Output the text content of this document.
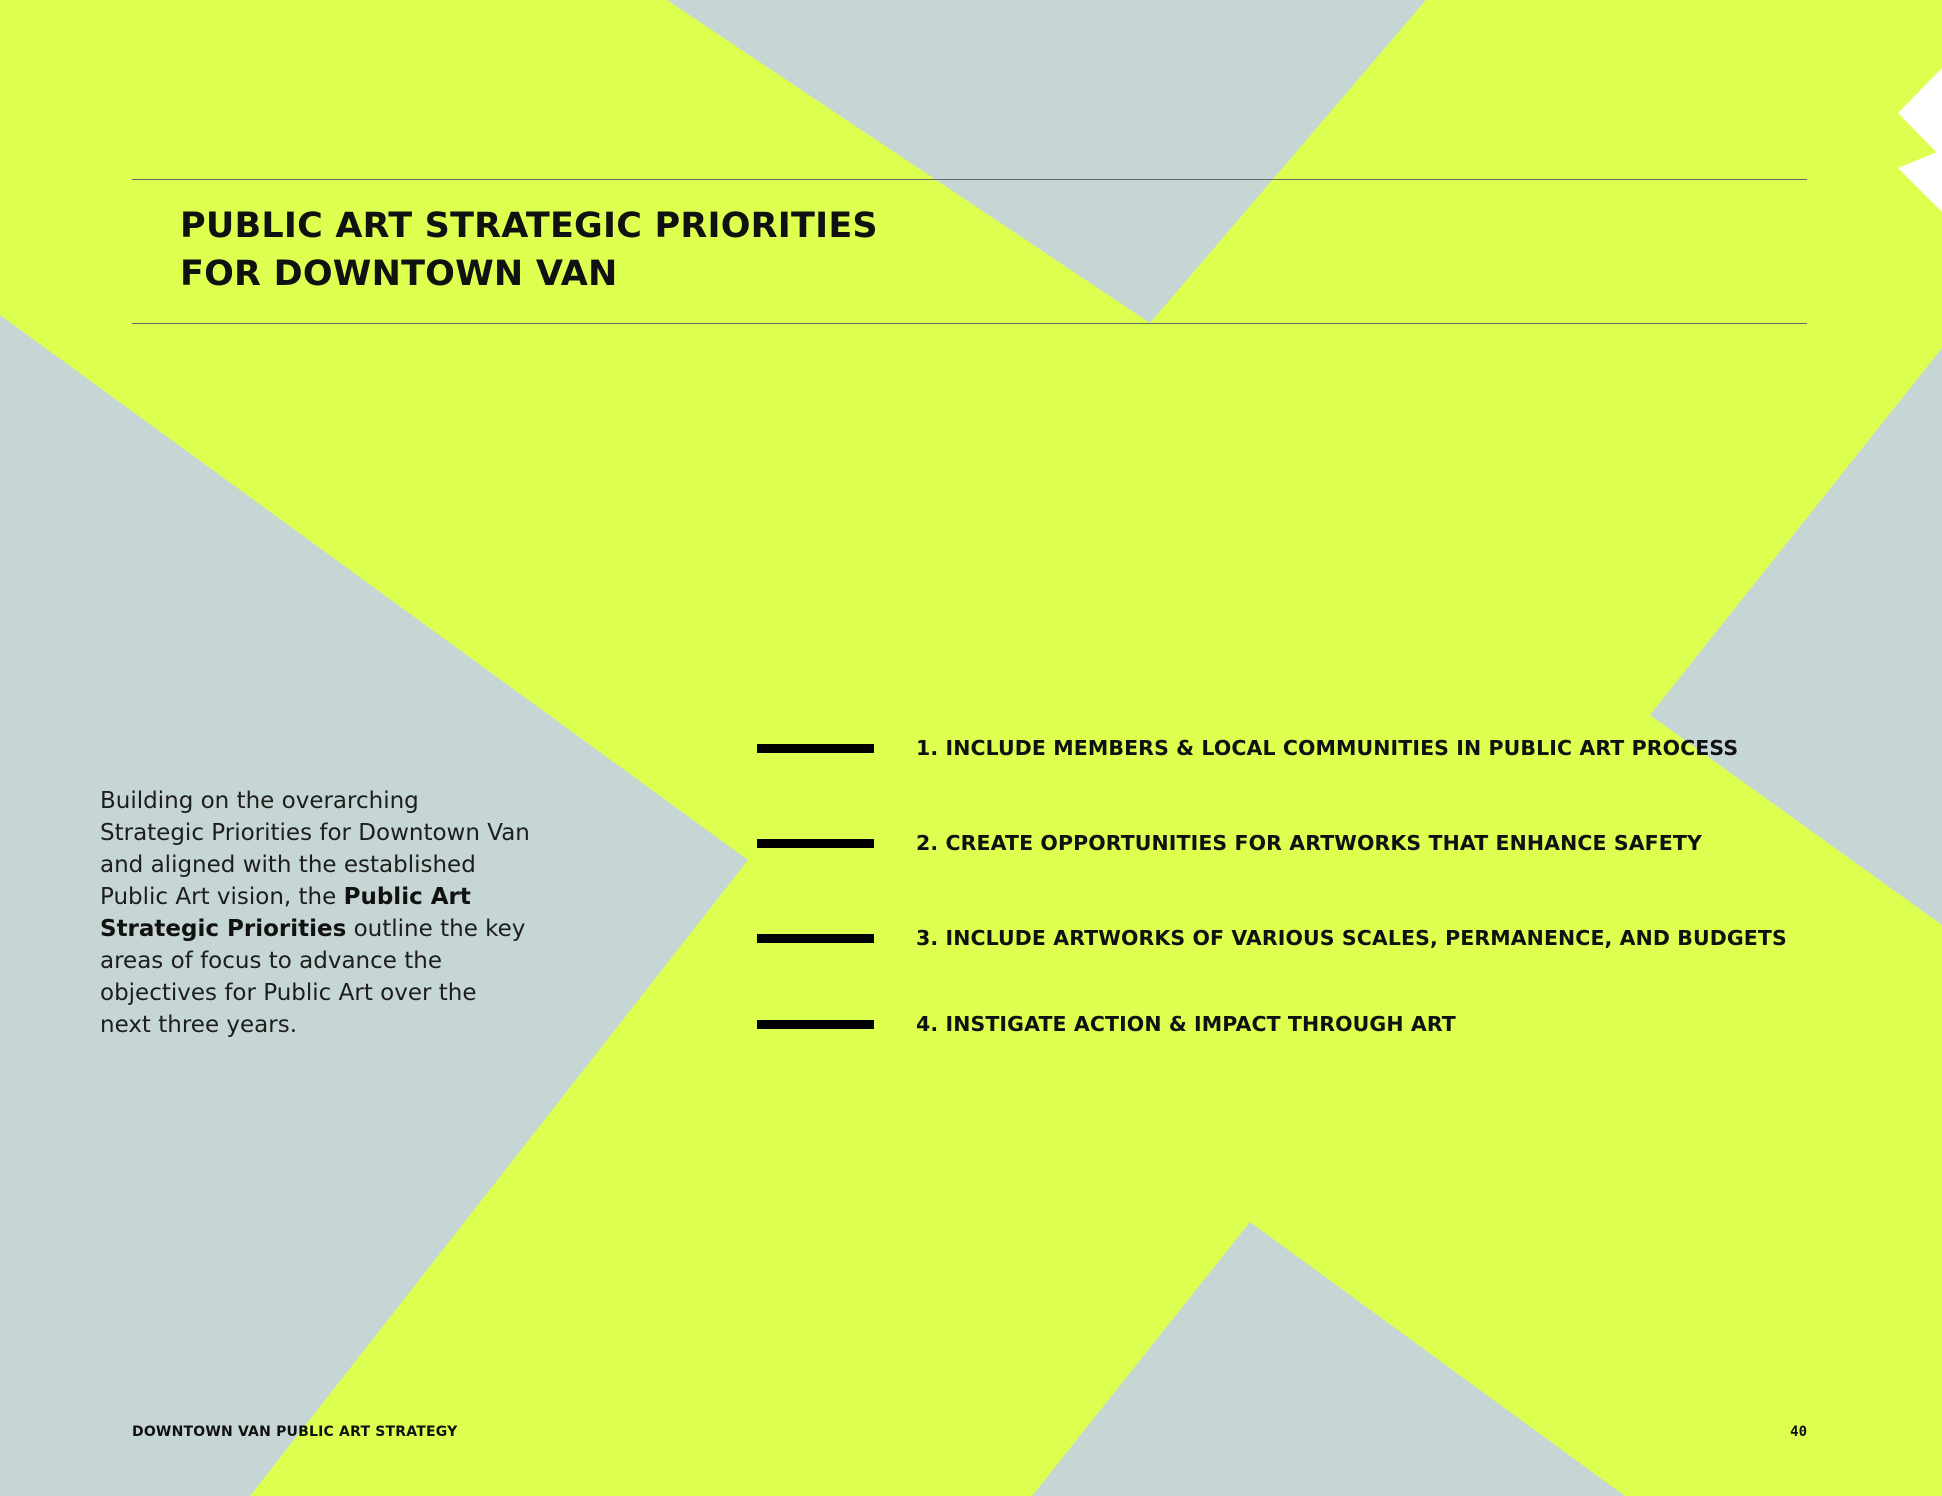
PUBLIC ART STRATEGIC PRIORITIES
FOR DOWNTOWN VAN

Building on the overarching Strategic Priorities for Downtown Van and aligned with the established Public Art vision, the Public Art Strategic Priorities outline the key areas of focus to advance the objectives for Public Art over the next three years.

1. INCLUDE MEMBERS & LOCAL COMMUNITIES IN PUBLIC ART PROCESS
2. CREATE OPPORTUNITIES FOR ARTWORKS THAT ENHANCE SAFETY
3. INCLUDE ARTWORKS OF VARIOUS SCALES, PERMANENCE, AND BUDGETS
4. INSTIGATE ACTION & IMPACT THROUGH ART
DOWNTOWN VAN PUBLIC ART STRATEGY	40
